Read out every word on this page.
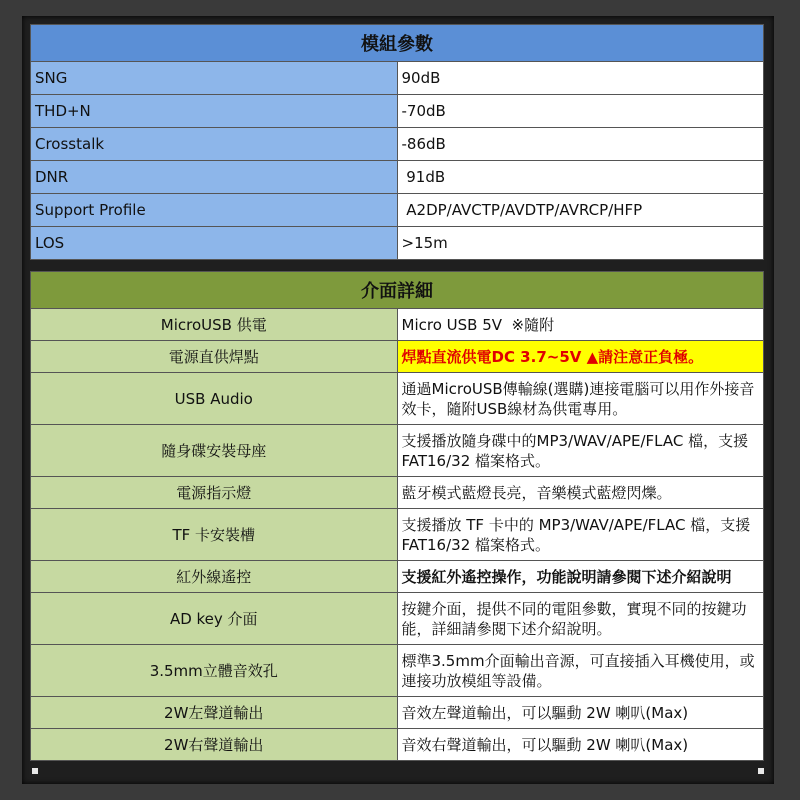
模組參數	
SNG	90dB
THD+N	-70dB
Crosstalk	-86dB
DNR	91dB
Support Profile	A2DP/AVCTP/AVDTP/AVRCP/HFP
LOS	>15m
介面詳細	
MicroUSB 供電	Micro USB 5V  ※隨附
電源直供焊點	焊點直流供電DC 3.7~5V ▲請注意正負極。
USB Audio	通過MicroUSB傳輸線(選購)連接電腦可以用作外接音效卡，隨附USB線材為供電專用。
隨身碟安裝母座	支援播放隨身碟中的MP3/WAV/APE/FLAC 檔，支援FAT16/32 檔案格式。
電源指示燈	藍牙模式藍燈長亮，音樂模式藍燈閃爍。
TF 卡安裝槽	支援播放 TF 卡中的 MP3/WAV/APE/FLAC 檔，支援FAT16/32 檔案格式。
紅外線遙控	支援紅外遙控操作，功能說明請參閱下述介紹說明
AD key 介面	按鍵介面，提供不同的電阻參數，實現不同的按鍵功能，詳細請參閱下述介紹說明。
3.5mm立體音效孔	標準3.5mm介面輸出音源，可直接插入耳機使用，或連接功放模組等設備。
2W左聲道輸出	音效左聲道輸出，可以驅動 2W 喇叭(Max)
2W右聲道輸出	音效右聲道輸出，可以驅動 2W 喇叭(Max)
